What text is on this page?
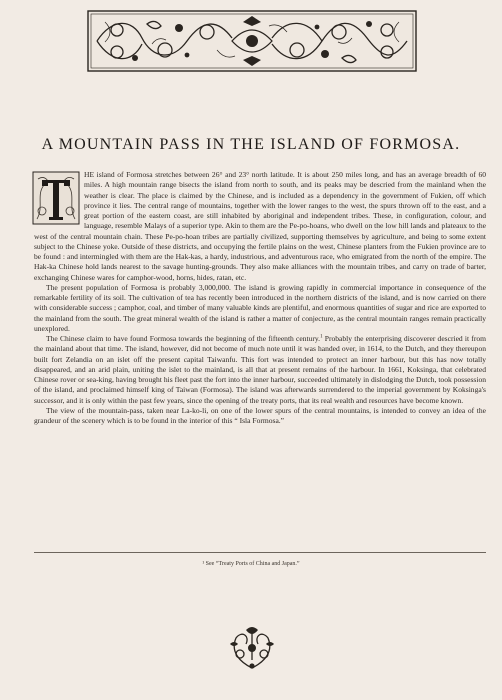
A MOUNTAIN PASS IN THE ISLAND OF FORMOSA.

HE island of Formosa stretches between 26° and 23° north latitude. It is about 250 miles long, and has an average breadth of 60 miles. A high mountain range bisects the island from north to south, and its peaks may be descried from the mainland when the weather is clear. The place is claimed by the Chinese, and is included as a dependency in the government of Fukien, off which province it lies. The central range of mountains, together with the lower ranges to the west, the spurs thrown off to the east, and a great portion of the eastern coast, are still inhabited by aboriginal and independent tribes. These, in configuration, colour, and language, resemble Malays of a superior type. Akin to them are the Pe-po-hoans, who dwell on the low hill lands and plateaux to the west of the central mountain chain. These Pe-po-hoan tribes are partially civilized, supporting themselves by agriculture, and being to some extent subject to the Chinese yoke. Outside of these districts, and occupying the fertile plains on the west, Chinese planters from the Fukien province are to be found : and intermingled with them are the Hak-kas, a hardy, industrious, and adventurous race, who emigrated from the north of the empire. The Hak-ka Chinese hold lands nearest to the savage hunting-grounds. They also make alliances with the mountain tribes, and carry on trade of barter, exchanging Chinese wares for camphor-wood, horns, hides, ratan, etc.

The present population of Formosa is probably 3,000,000. The island is growing rapidly in commercial importance in consequence of the remarkable fertility of its soil. The cultivation of tea has recently been introduced in the northern districts of the island, and is now carried on there with considerable success ; camphor, coal, and timber of many valuable kinds are plentiful, and enormous quantities of sugar and rice are exported to the mainland from the south. The great mineral wealth of the island is rather a matter of conjecture, as the central mountain ranges remain practically unexplored.

The Chinese claim to have found Formosa towards the beginning of the fifteenth century.$^1$ Probably the enterprising discoverer descried it from the mainland about that time. The island, however, did not become of much note until it was handed over, in 1614, to the Dutch, and they thereupon built fort Zelandia on an islet off the present capital Taiwanfu. This fort was intended to protect an inner harbour, but this has now totally disappeared, and an arid plain, uniting the islet to the mainland, is all that at present remains of the harbour. In 1661, Koksinga, that celebrated Chinese rover or sea-king, having brought his fleet past the fort into the inner harbour, succeeded ultimately in dislodging the Dutch, took possession of the island, and proclaimed himself king of Taiwan (Formosa). The island was afterwards surrendered to the imperial government by Koksinga's successor, and it is only within the past few years, since the opening of the treaty ports, that its real wealth and resources have become known.

The view of the mountain-pass, taken near La-ko-li, on one of the lower spurs of the central mountains, is intended to convey an idea of the grandeur of the scenery which is to be found in the interior of this “ Isla Formosa.”

¹ See “Treaty Ports of China and Japan.”
